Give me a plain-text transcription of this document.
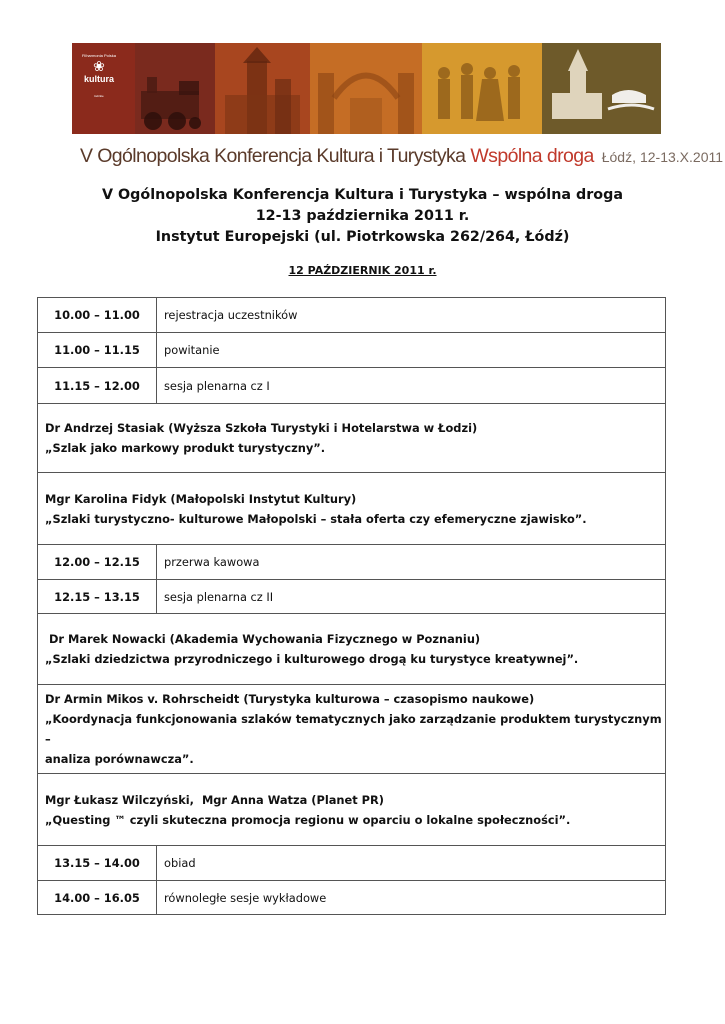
Filharmonia Polska
❀
kultura
łódzkie
V Ogólnopolska Konferencja Kultura i Turystyka Wspólna droga Łódź, 12-13.X.2011
V Ogólnopolska Konferencja Kultura i Turystyka – wspólna droga
12-13 października 2011 r.
Instytut Europejski (ul. Piotrkowska 262/264, Łódź)
12 PAŹDZIERNIK 2011 r.
10.00 – 11.00	rejestracja uczestników
11.00 – 11.15	powitanie
11.15 – 12.00	sesja plenarna cz I

Dr Andrzej Stasiak (Wyższa Szkoła Turystyki i Hotelarstwa w Łodzi)
„Szlak jako markowy produkt turystyczny”.	

Mgr Karolina Fidyk (Małopolski Instytut Kultury)
„Szlaki turystyczno- kulturowe Małopolski – stała oferta czy efemeryczne zjawisko”.	

12.00 – 12.15	przerwa kawowa
12.15 – 13.15	sesja plenarna cz II

Dr Marek Nowacki (Akademia Wychowania Fizycznego w Poznaniu)
„Szlaki dziedzictwa przyrodniczego i kulturowego drogą ku turystyce kreatywnej”.	

Dr Armin Mikos v. Rohrscheidt (Turystyka kulturowa – czasopismo naukowe)
„Koordynacja funkcjonowania szlaków tematycznych jako zarządzanie produktem turystycznym –
analiza porównawcza”.	

Mgr Łukasz Wilczyński,  Mgr Anna Watza (Planet PR)
„Questing ™ czyli skuteczna promocja regionu w oparciu o lokalne społeczności”.	

13.15 – 14.00	obiad
14.00 – 16.05	równoległe sesje wykładowe
